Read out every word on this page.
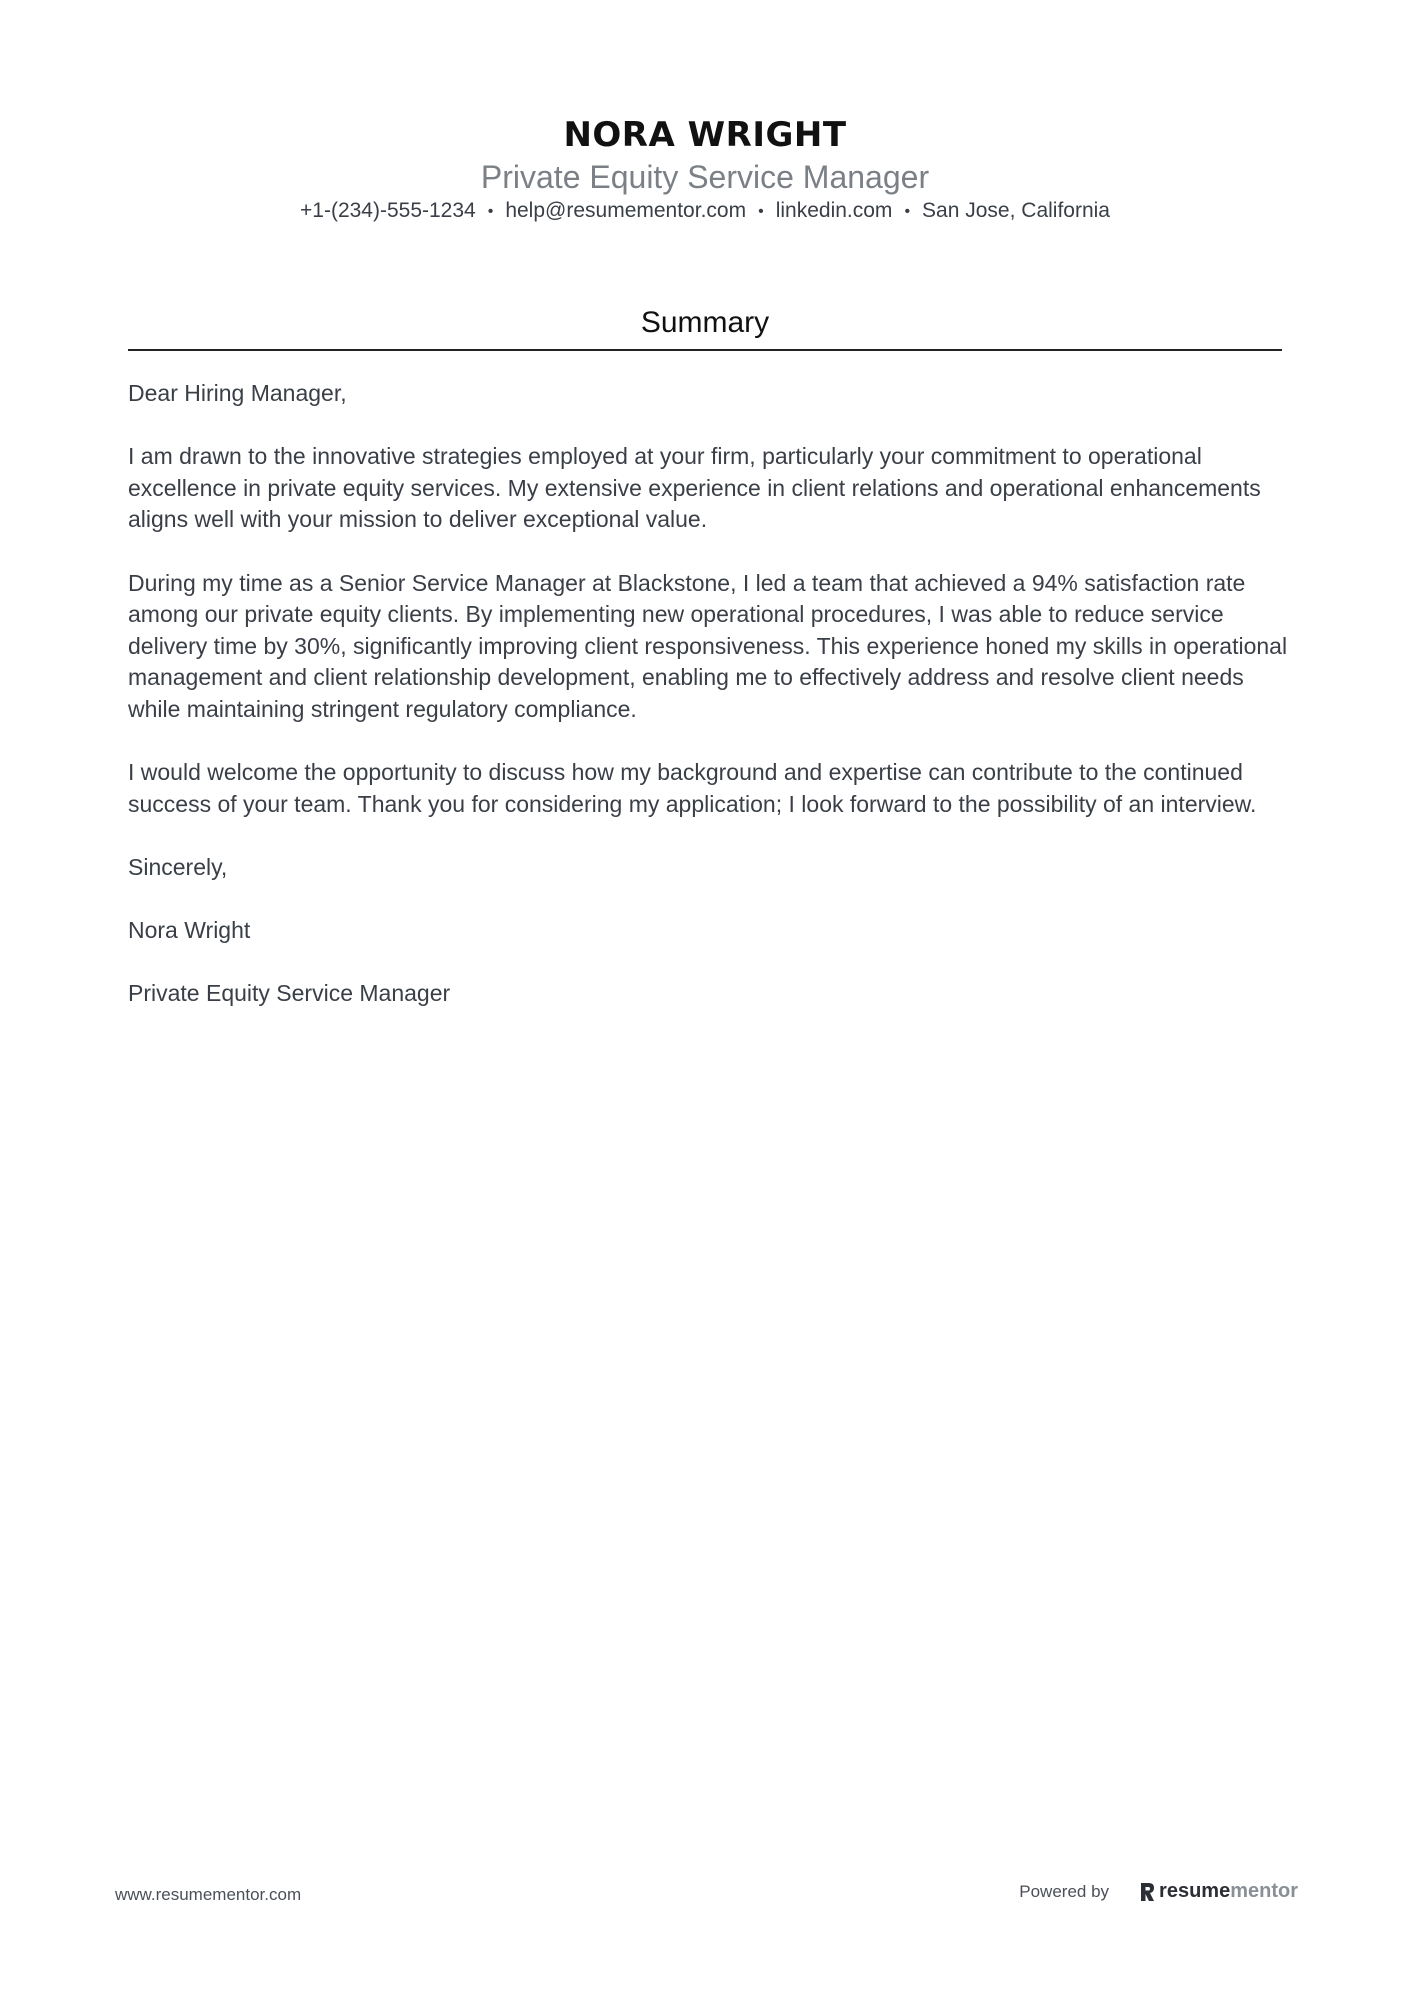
NORA WRIGHT
Private Equity Service Manager
+1-(234)-555-1234 • help@resumementor.com • linkedin.com • San Jose, California
Summary

Dear Hiring Manager,

I am drawn to the innovative strategies employed at your firm, particularly your commitment to operational excellence in private equity services. My extensive experience in client relations and operational enhancements aligns well with your mission to deliver exceptional value.

During my time as a Senior Service Manager at Blackstone, I led a team that achieved a 94% satisfaction rate among our private equity clients. By implementing new operational procedures, I was able to reduce service delivery time by 30%, significantly improving client responsiveness. This experience honed my skills in operational management and client relationship development, enabling me to effectively address and resolve client needs while maintaining stringent regulatory compliance.

I would welcome the opportunity to discuss how my background and expertise can contribute to the continued success of your team. Thank you for considering my application; I look forward to the possibility of an interview.

Sincerely,

Nora Wright

Private Equity Service Manager

www.resumementor.com	Powered by	resume mentor
